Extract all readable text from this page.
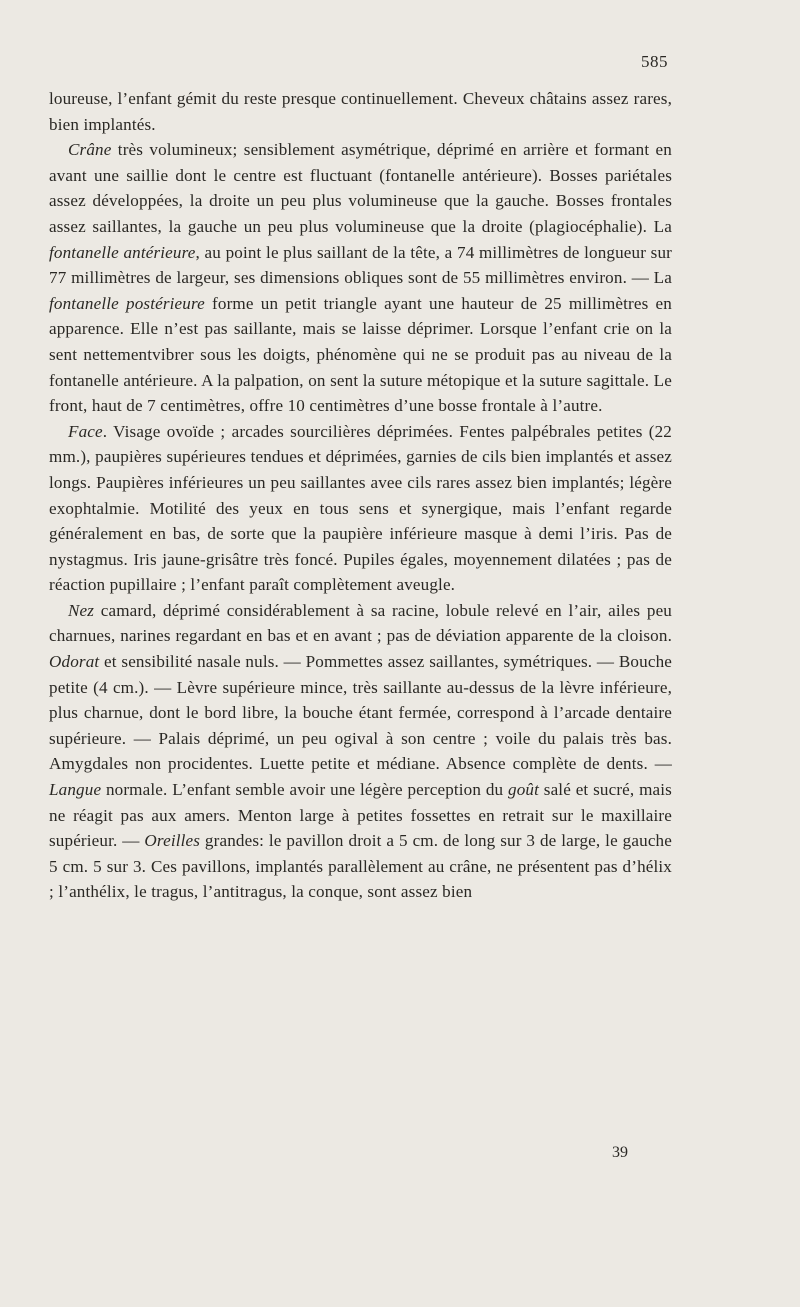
585

loureuse, l’enfant gémit du reste presque continuellement. Cheveux châtains assez rares, bien implantés.

Crâne très volumineux; sensiblement asymétrique, déprimé en arrière et formant en avant une saillie dont le centre est fluctuant (fontanelle antérieure). Bosses pariétales assez développées, la droite un peu plus volumineuse que la gauche. Bosses frontales assez saillantes, la gauche un peu plus volumineuse que la droite (plagiocéphalie). La fontanelle antérieure, au point le plus saillant de la tête, a 74 millimètres de longueur sur 77 millimètres de largeur, ses dimensions obliques sont de 55 millimètres environ. — La fontanelle postérieure forme un petit triangle ayant une hauteur de 25 millimètres en apparence. Elle n’est pas saillante, mais se laisse déprimer. Lorsque l’enfant crie on la sent nettementvibrer sous les doigts, phénomène qui ne se produit pas au niveau de la fontanelle antérieure. A la palpation, on sent la suture métopique et la suture sagittale. Le front, haut de 7 centimètres, offre 10 centimètres d’une bosse frontale à l’autre.

Face. Visage ovoïde ; arcades sourcilières déprimées. Fentes palpébrales petites (22 mm.), paupières supérieures tendues et déprimées, garnies de cils bien implantés et assez longs. Paupières inférieures un peu saillantes avee cils rares assez bien implantés; légère exophtalmie. Motilité des yeux en tous sens et synergique, mais l’enfant regarde généralement en bas, de sorte que la paupière inférieure masque à demi l’iris. Pas de nystagmus. Iris jaune-grisâtre très foncé. Pupiles égales, moyennement dilatées ; pas de réaction pupillaire ; l’enfant paraît complètement aveugle.

Nez camard, déprimé considérablement à sa racine, lobule relevé en l’air, ailes peu charnues, narines regardant en bas et en avant ; pas de déviation apparente de la cloison. Odorat et sensibilité nasale nuls. — Pommettes assez saillantes, symétriques. — Bouche petite (4 cm.). — Lèvre supérieure mince, très saillante au-dessus de la lèvre inférieure, plus charnue, dont le bord libre, la bouche étant fermée, correspond à l’arcade dentaire supérieure. — Palais déprimé, un peu ogival à son centre ; voile du palais très bas. Amygdales non procidentes. Luette petite et médiane. Absence complète de dents. — Langue normale. L’enfant semble avoir une légère perception du goût salé et sucré, mais ne réagit pas aux amers. Menton large à petites fossettes en retrait sur le maxillaire supérieur. — Oreilles grandes: le pavillon droit a 5 cm. de long sur 3 de large, le gauche 5 cm. 5 sur 3. Ces pavillons, implantés parallèlement au crâne, ne présentent pas d’hélix ; l’anthélix, le tragus, l’antitragus, la conque, sont assez bien

39
